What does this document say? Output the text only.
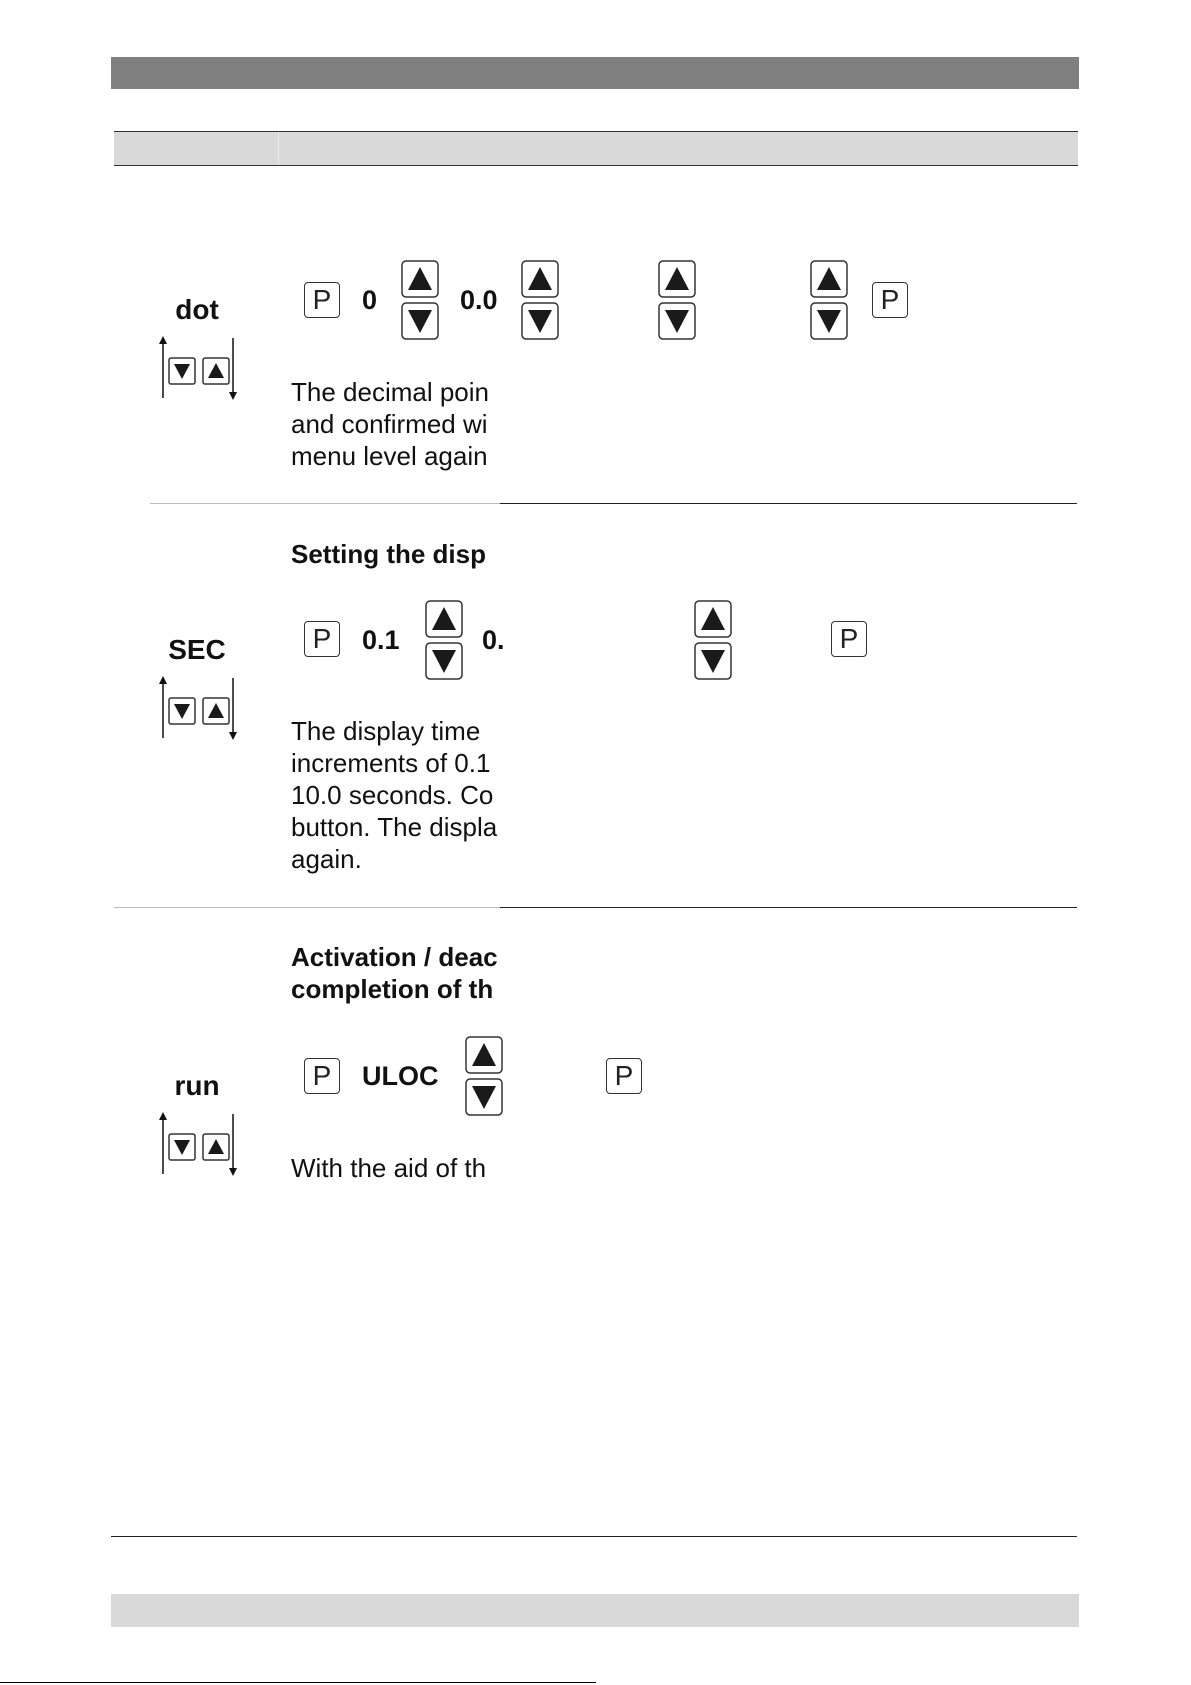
dot	P	0	0.0	P
The decimal poin
and confirmed wi
menu level again
Setting the disp
SEC	P	0.1	0.	P
The display time
increments of 0.1
10.0 seconds. Co
button. The displa
again.
Activation / deac
completion of th
run	P	ULOC	P
With the aid of th
